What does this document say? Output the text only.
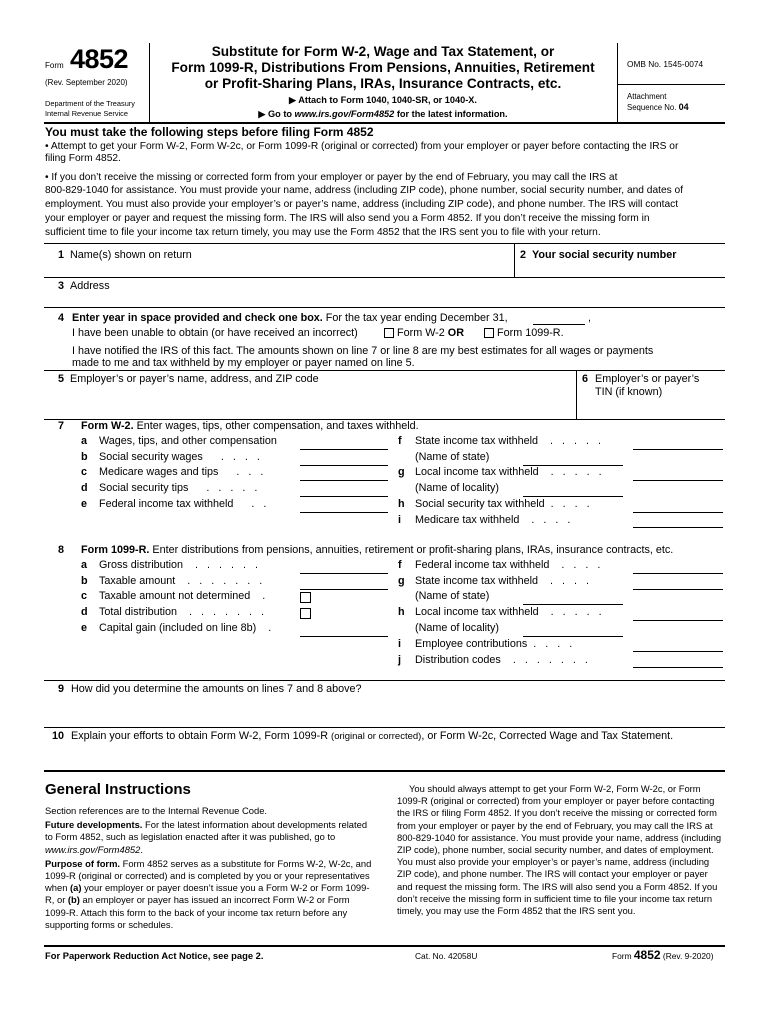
Form 4852
(Rev. September 2020)
Department of the Treasury
Internal Revenue Service
Substitute for Form W-2, Wage and Tax Statement, or
Form 1099-R, Distributions From Pensions, Annuities, Retirement
or Profit-Sharing Plans, IRAs, Insurance Contracts, etc.
▶ Attach to Form 1040, 1040-SR, or 1040-X.
▶ Go to www.irs.gov/Form4852 for the latest information.
OMB No. 1545-0074
Attachment
Sequence No. 04
You must take the following steps before filing Form 4852
• Attempt to get your Form W-2, Form W-2c, or Form 1099-R (original or corrected) from your employer or payer before contacting the IRS or
filing Form 4852.
• If you don’t receive the missing or corrected form from your employer or payer by the end of February, you may call the IRS at
800-829-1040 for assistance. You must provide your name, address (including ZIP code), phone number, social security number, and dates of
employment. You must also provide your employer’s or payer’s name, address (including ZIP code), and phone number. The IRS will contact
your employer or payer and request the missing form. The IRS will also send you a Form 4852. If you don’t receive the missing form in
sufficient time to file your income tax return timely, you may use the Form 4852 that the IRS sent you to file with your return.
1 Name(s) shown on return	2 Your social security number
3 Address
4 Enter year in space provided and check one box. For the tax year ending December 31,	,
I have been unable to obtain (or have received an incorrect)	Form W-2 OR	Form 1099-R.
I have notified the IRS of this fact. The amounts shown on line 7 or line 8 are my best estimates for all wages or payments
made to me and tax withheld by my employer or payer named on line 5.
5 Employer’s or payer’s name, address, and ZIP code	6 Employer’s or payer’s
TIN (if known)
7 Form W-2. Enter wages, tips, other compensation, and taxes withheld.
a Wages, tips, and other compensation
b Social security wages   . . . .
c Medicare wages and tips   . . .
d Social security tips   . . . . .
e Federal income tax withheld   . .
f State income tax withheld  . . . . .
(Name of state)
g Local income tax withheld  . . . . .
(Name of locality)
h Social security tax withheld . . . .
i Medicare tax withheld  . . . .
8 Form 1099-R. Enter distributions from pensions, annuities, retirement or profit-sharing plans, IRAs, insurance contracts, etc.
a Gross distribution  . . . . . .
b Taxable amount  . . . . . . .
c Taxable amount not determined  .
d Total distribution  . . . . . . .
e Capital gain (included on line 8b)  .
f Federal income tax withheld  . . . .
g State income tax withheld  . . . .
(Name of state)
h Local income tax withheld  . . . . .
(Name of locality)
i Employee contributions . . . .
j Distribution codes  . . . . . . .
9 How did you determine the amounts on lines 7 and 8 above?
10 Explain your efforts to obtain Form W-2, Form 1099-R (original or corrected), or Form W-2c, Corrected Wage and Tax Statement.
General Instructions

Section references are to the Internal Revenue Code.

Future developments. For the latest information about developments related to Form 4852, such as legislation enacted after it was published, go to www.irs.gov/Form4852.

Purpose of form. Form 4852 serves as a substitute for Forms W-2, W-2c, and 1099-R (original or corrected) and is completed by you or your representatives when (a) your employer or payer doesn’t issue you a Form W-2 or Form 1099-R, or (b) an employer or payer has issued an incorrect Form W-2 or Form 1099-R. Attach this form to the back of your income tax return before any supporting forms or schedules.

You should always attempt to get your Form W-2, Form W-2c, or Form 1099-R (original or corrected) from your employer or payer before contacting the IRS or filing Form 4852. If you don’t receive the missing or corrected form from your employer or payer by the end of February, you may call the IRS at 800-829-1040 for assistance. You must provide your name, address (including ZIP code), phone number, social security number, and dates of employment. You must also provide your employer’s or payer’s name, address (including ZIP code), and phone number. The IRS will contact your employer or payer and request the missing form. The IRS will also send you a Form 4852. If you don’t receive the missing form in sufficient time to file your income tax return timely, you may use the Form 4852 that the IRS sent you.
For Paperwork Reduction Act Notice, see page 2.	Cat. No. 42058U	Form 4852 (Rev. 9-2020)
